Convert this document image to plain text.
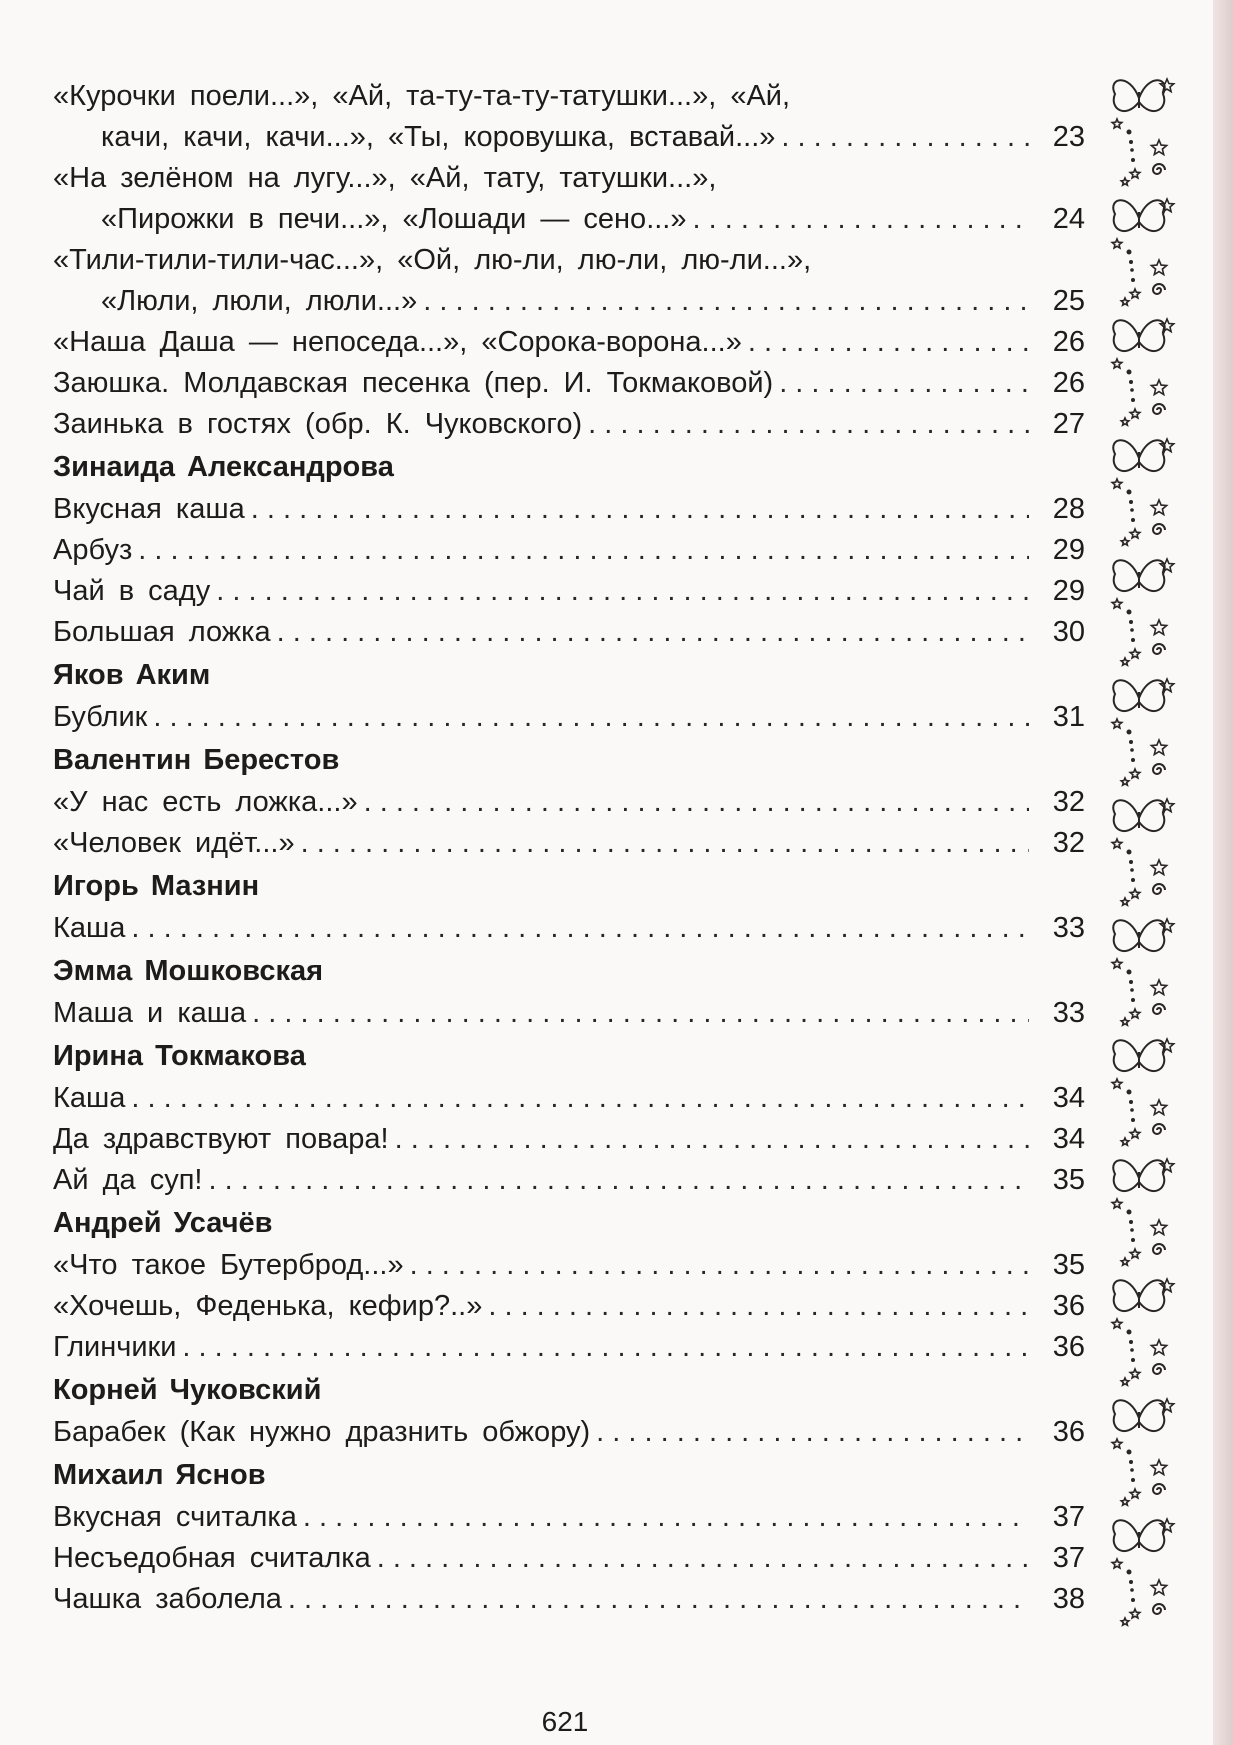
«Курочки поели...», «Ай, та-ту-та-ту-татушки...», «Ай,
качи, качи, качи...», «Ты, коровушка, вставай...» . . .	23
«На зелёном на лугу...», «Ай, тату, татушки...»,
«Пирожки в печи...», «Лошади — сено...» . . .	24
«Тили-тили-тили-час...», «Ой, лю-ли, лю-ли, лю-ли...»,
«Люли, люли, люли...» . . .	25
«Наша Даша — непоседа...», «Сорока-ворона...» . . .	26
Заюшка. Молдавская песенка (пер. И. Токмаковой) . . .	26
Заинька в гостях (обр. К. Чуковского) . . .	27
Зинаида Александрова
Вкусная каша . . .	28
Арбуз . . .	29
Чай в саду . . .	29
Большая ложка . . .	30
Яков Аким
Бублик . . .	31
Валентин Берестов
«У нас есть ложка...» . . .	32
«Человек идёт...» . . .	32
Игорь Мазнин
Каша . . .	33
Эмма Мошковская
Маша и каша . . .	33
Ирина Токмакова
Каша . . .	34
Да здравствуют повара! . . .	34
Ай да суп! . . .	35
Андрей Усачёв
«Что такое Бутерброд...» . . .	35
«Хочешь, Феденька, кефир?..» . . .	36
Глинчики . . .	36
Корней Чуковский
Барабек (Как нужно дразнить обжору) . . .	36
Михаил Яснов
Вкусная считалка . . .	37
Несъедобная считалка . . .	37
Чашка заболела . . .	38
621
